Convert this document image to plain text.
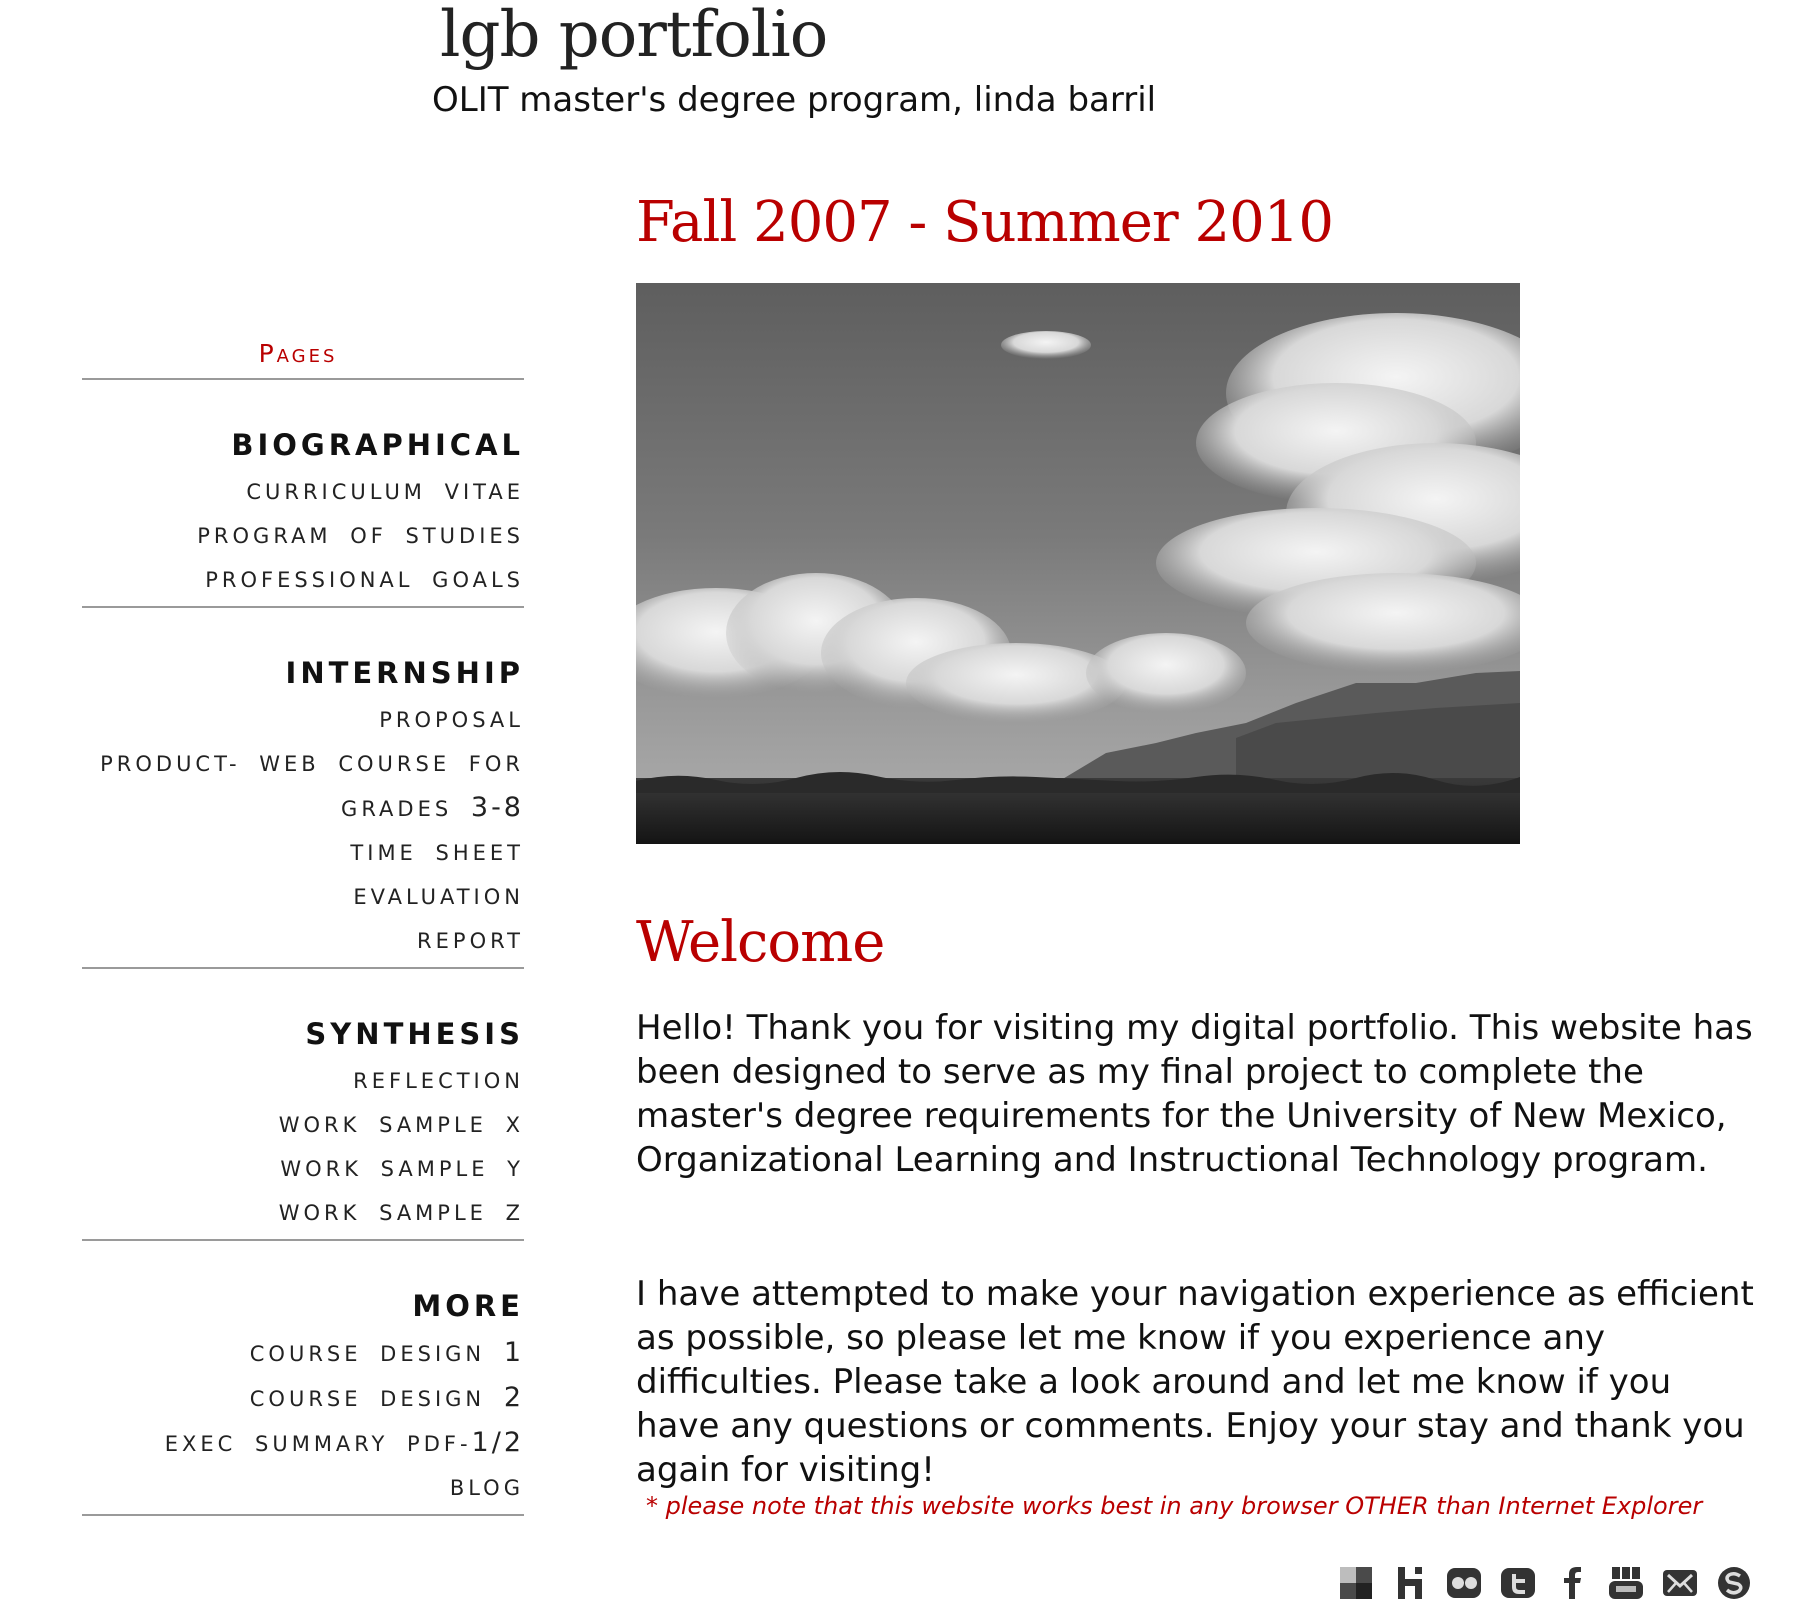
lgb portfolio

OLIT master's degree program, linda barril

Pages
BIOGRAPHICAL
CURRICULUM VITAE
PROGRAM OF STUDIES
PROFESSIONAL GOALS
INTERNSHIP
PROPOSAL
PRODUCT- WEB COURSE FOR
GRADES 3-8
TIME SHEET
EVALUATION
REPORT
SYNTHESIS
REFLECTION
WORK SAMPLE X
WORK SAMPLE Y
WORK SAMPLE Z
MORE
COURSE DESIGN 1
COURSE DESIGN 2
EXEC SUMMARY PDF-1/2
BLOG
Fall 2007 - Summer 2010
Welcome

Hello! Thank you for visiting my digital portfolio. This website has been designed to serve as my final project to complete the master's degree requirements for the University of New Mexico, Organizational Learning and Instructional Technology program.

I have attempted to make your navigation experience as efficient as possible, so please let me know if you experience any difficulties. Please take a look around and let me know if you have any questions or comments. Enjoy your stay and thank you again for visiting!

* please note that this website works best in any browser OTHER than Internet Explorer
